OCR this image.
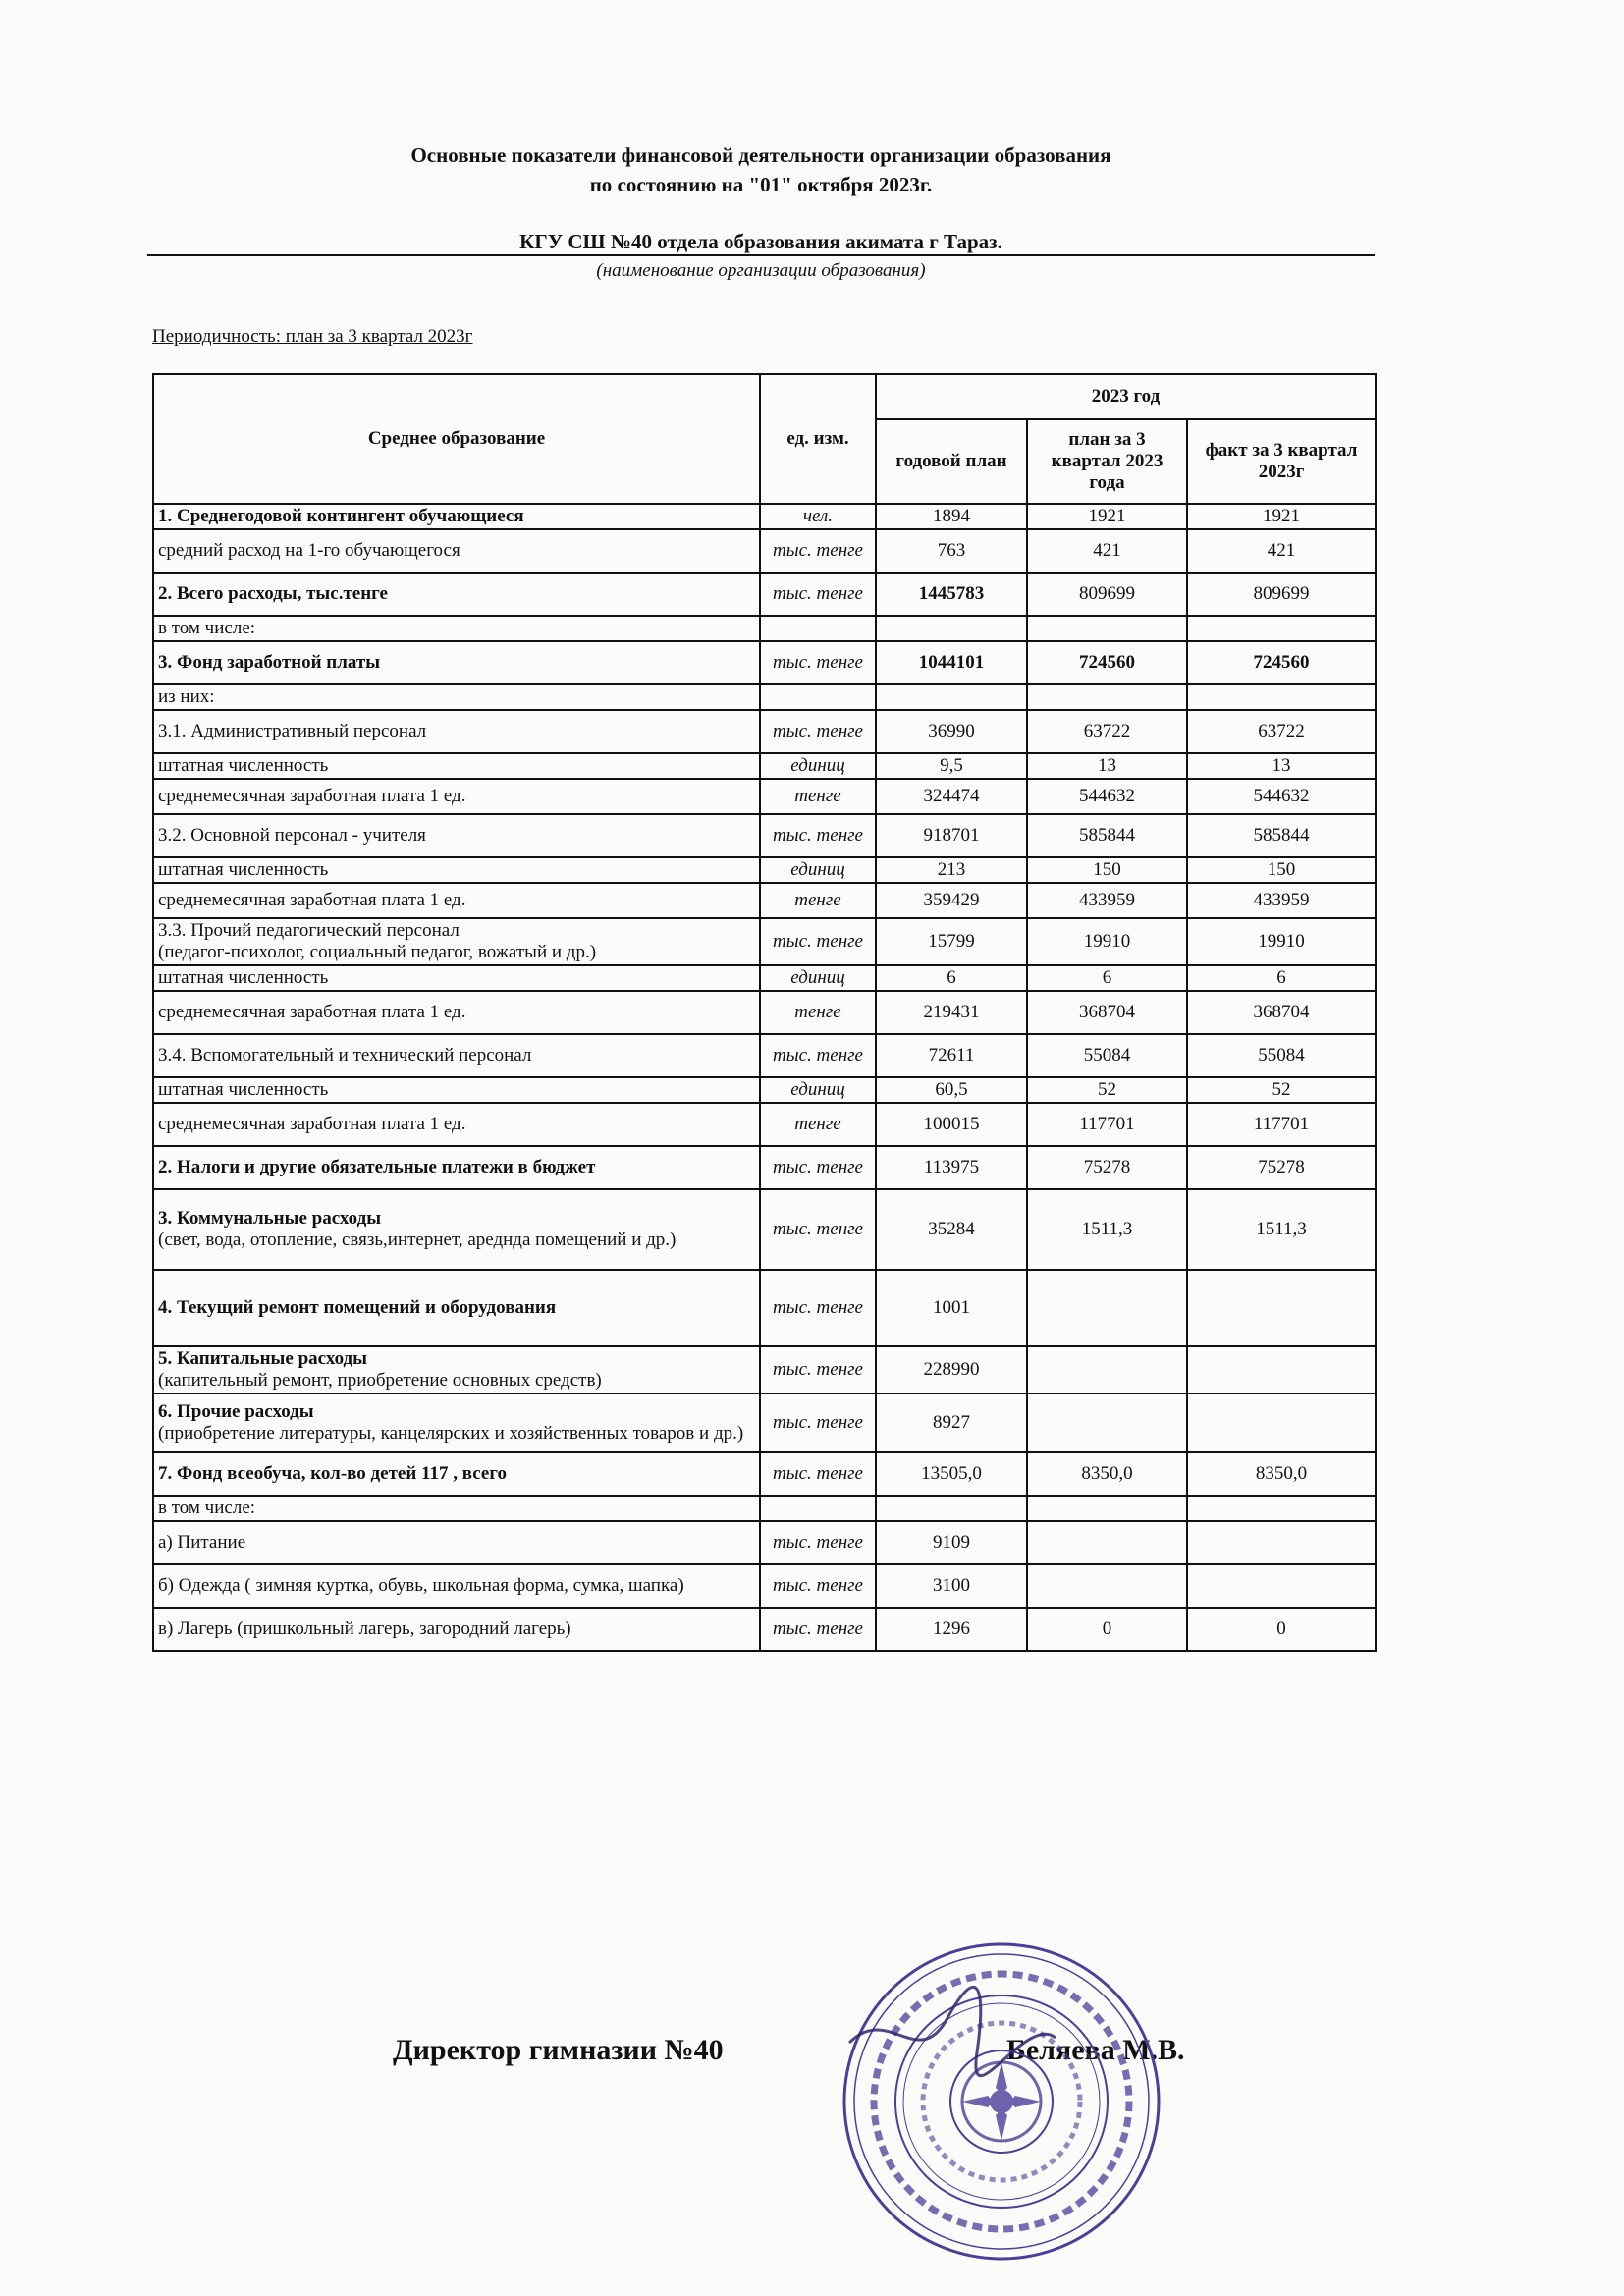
Основные показатели финансовой деятельности организации образования
по состоянию на "01" октября 2023г.
КГУ СШ №40 отдела образования акимата г Тараз.
(наименование организации образования)
Периодичность: план за 3 квартал 2023г
Среднее образование	ед. изм.	2023 год		
		годовой план	план за 3 квартал 2023 года	факт за 3 квартал 2023г

1. Среднегодовой контингент обучающиеся	чел.	1894	1921	1921

средний расход на 1-го обучающегося	тыс. тенге	763	421	421

2. Всего расходы, тыс.тенге	тыс. тенге	1445783	809699	809699

в том числе:				

3. Фонд заработной платы	тыс. тенге	1044101	724560	724560

из них:				

3.1. Административный персонал	тыс. тенге	36990	63722	63722

штатная численность	единиц	9,5	13	13

среднемесячная заработная плата 1 ед.	тенге	324474	544632	544632

3.2. Основной персонал - учителя	тыс. тенге	918701	585844	585844

штатная численность	единиц	213	150	150

среднемесячная заработная плата 1 ед.	тенге	359429	433959	433959

3.3. Прочий педагогический персонал
(педагог-психолог, социальный педагог, вожатый и др.)	тыс. тенге	15799	19910	19910

штатная численность	единиц	6	6	6

среднемесячная заработная плата 1 ед.	тенге	219431	368704	368704

3.4. Вспомогательный и технический персонал	тыс. тенге	72611	55084	55084

штатная численность	единиц	60,5	52	52

среднемесячная заработная плата 1 ед.	тенге	100015	117701	117701

2. Налоги и другие обязательные платежи в бюджет	тыс. тенге	113975	75278	75278

3. Коммунальные расходы
(свет, вода, отопление, связь,интернет, ареднда помещений и др.)	тыс. тенге	35284	1511,3	1511,3

4. Текущий ремонт помещений и оборудования	тыс. тенге	1001		

5. Капитальные расходы
(капительный ремонт, приобретение основных средств)	тыс. тенге	228990		

6. Прочие расходы
(приобретение литературы, канцелярских и хозяйственных товаров и др.)	тыс. тенге	8927		

7. Фонд всеобуча, кол-во детей 117 , всего	тыс. тенге	13505,0	8350,0	8350,0

в том числе:				

а) Питание	тыс. тенге	9109		

б) Одежда ( зимняя куртка, обувь, школьная форма, сумка, шапка)	тыс. тенге	3100		

в) Лагерь (пришкольный лагерь, загородний лагерь)	тыс. тенге	1296	0	0
Директор гимназии №40	Беляева М.В.
